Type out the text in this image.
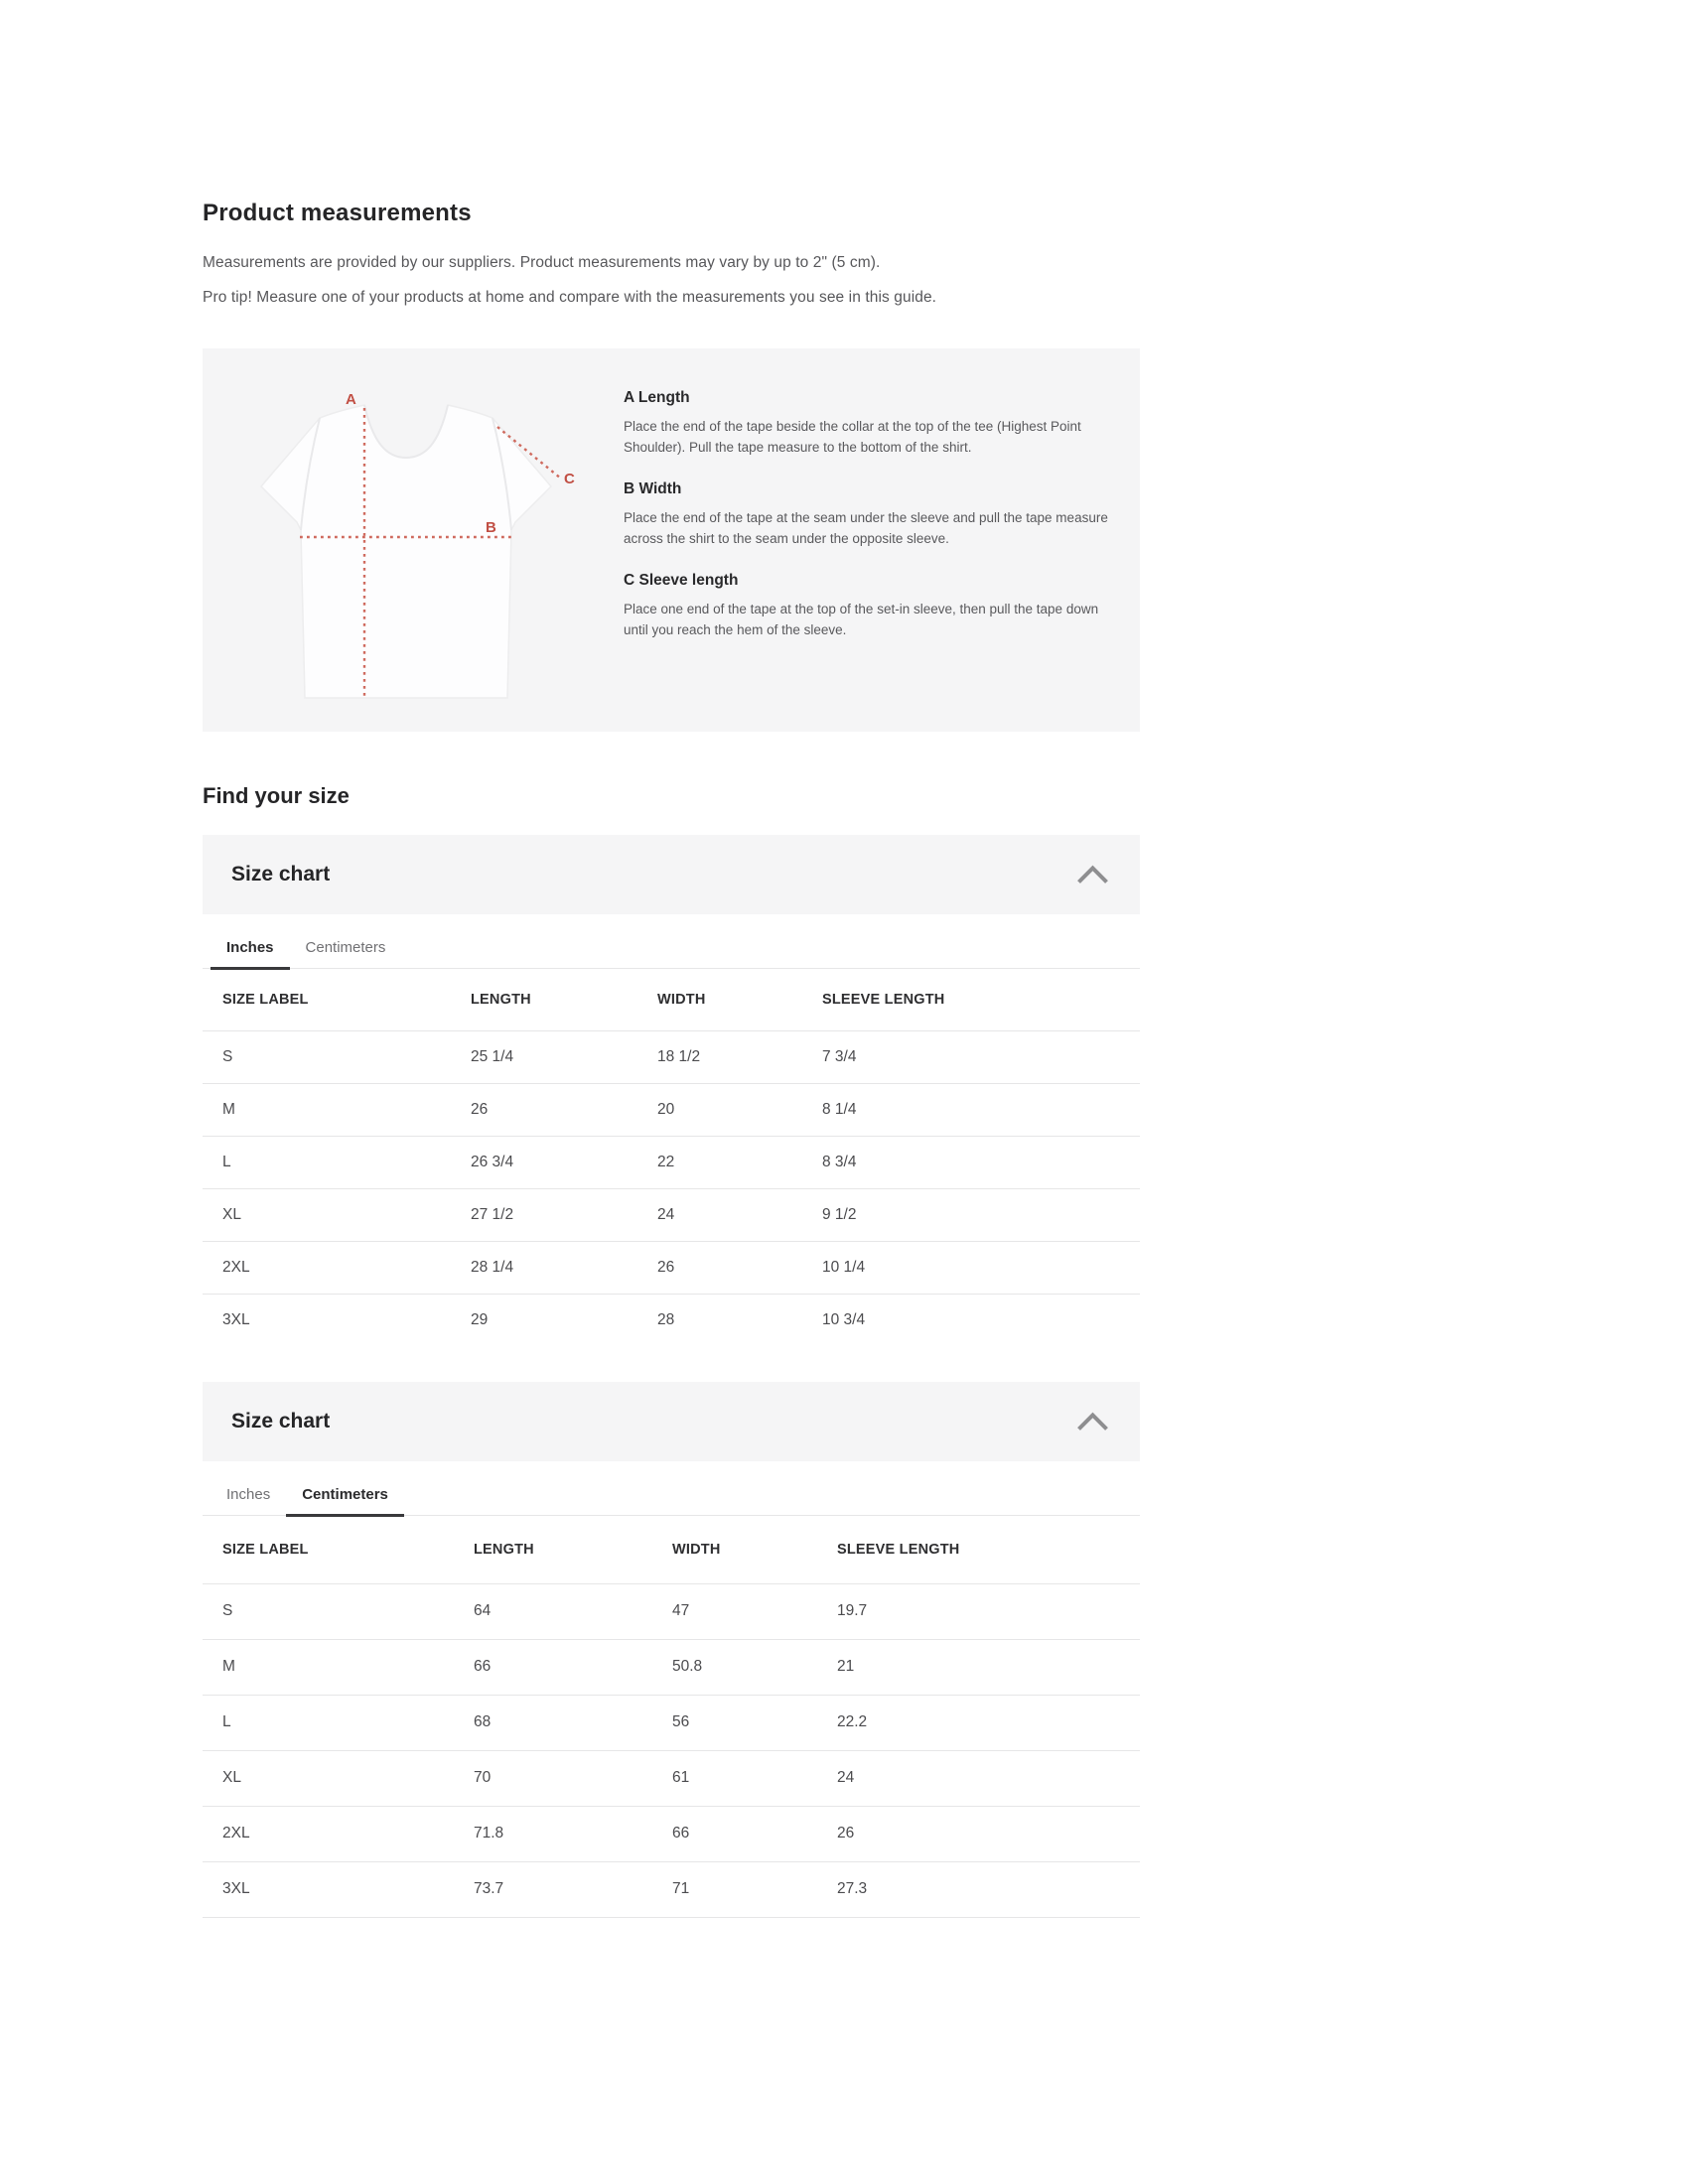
Product measurements

Measurements are provided by our suppliers. Product measurements may vary by up to 2" (5 cm).

Pro tip! Measure one of your products at home and compare with the measurements you see in this guide.

A
B
C
A Length
Place the end of the tape beside the collar at the top of the tee (Highest Point Shoulder). Pull the tape measure to the bottom of the shirt.
B Width
Place the end of the tape at the seam under the sleeve and pull the tape measure across the shirt to the seam under the opposite sleeve.
C Sleeve length
Place one end of the tape at the top of the set-in sleeve, then pull the tape down until you reach the hem of the sleeve.
Find your size
Size chart
Inches	Centimeters
SIZE LABEL	LENGTH	WIDTH	SLEEVE LENGTH
S	25 1/4	18 1/2	7 3/4
M	26	20	8 1/4
L	26 3/4	22	8 3/4
XL	27 1/2	24	9 1/2
2XL	28 1/4	26	10 1/4
3XL	29	28	10 3/4
Size chart
Inches	Centimeters
SIZE LABEL	LENGTH	WIDTH	SLEEVE LENGTH
S	64	47	19.7
M	66	50.8	21
L	68	56	22.2
XL	70	61	24
2XL	71.8	66	26
3XL	73.7	71	27.3
